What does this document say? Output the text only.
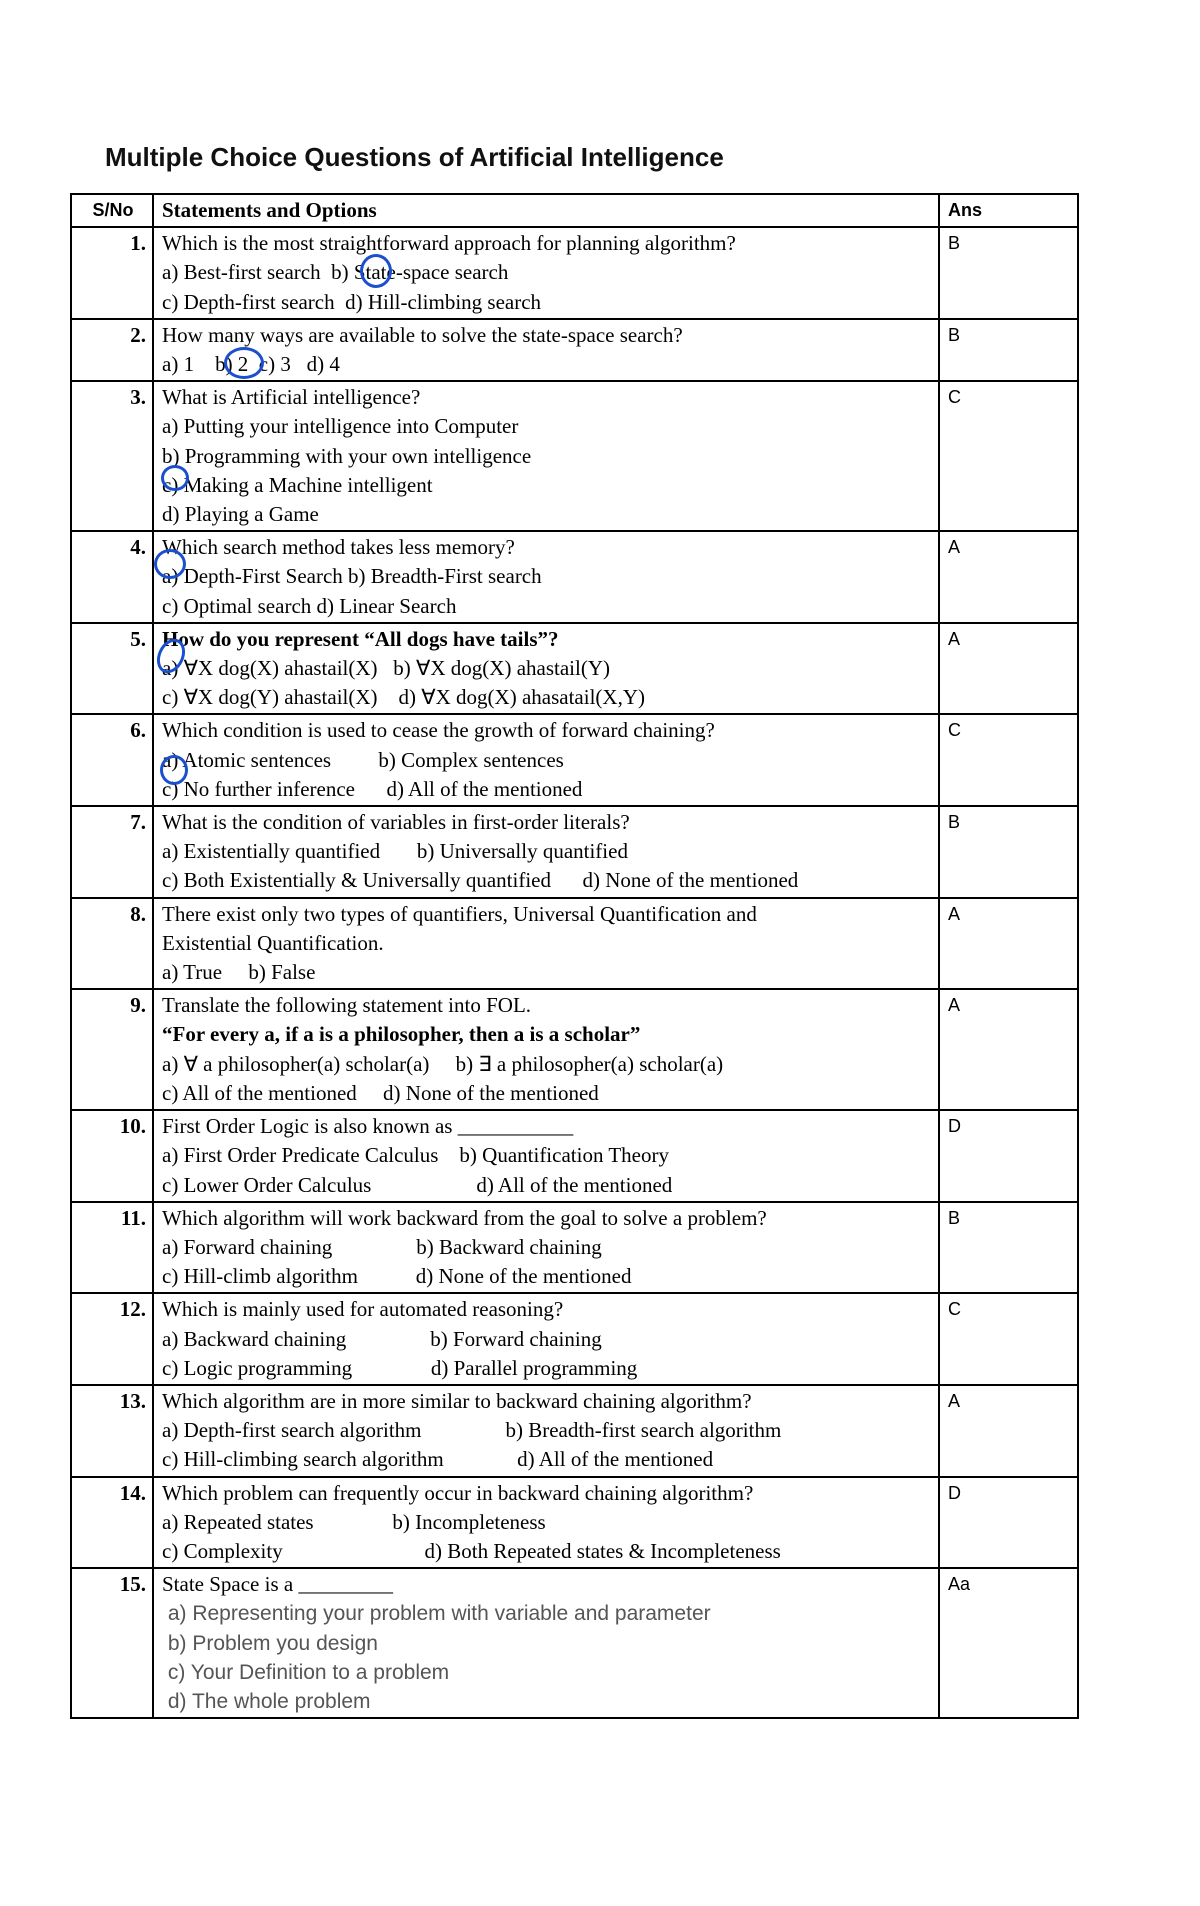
Multiple Choice Questions of Artificial Intelligence
S/No	Statements and Options	Ans
1.	Which is the most straightforward approach for planning algorithm?
a) Best-first search  b) State-space search
c) Depth-first search  d) Hill-climbing search	B
2.	How many ways are available to solve the state-space search?
a) 1    b) 2  c) 3   d) 4	B
3.	What is Artificial intelligence?
a) Putting your intelligence into Computer
b) Programming with your own intelligence
c) Making a Machine intelligent
d) Playing a Game	C
4.	Which search method takes less memory?
a) Depth-First Search b) Breadth-First search
c) Optimal search d) Linear Search	A
5.	How do you represent “All dogs have tails”?
a) ∀X dog(X) ahastail(X)   b) ∀X dog(X) ahastail(Y)
c) ∀X dog(Y) ahastail(X)    d) ∀X dog(X) ahasatail(X,Y)	A
6.	Which condition is used to cease the growth of forward chaining?
a) Atomic sentences         b) Complex sentences
c) No further inference      d) All of the mentioned	C
7.	What is the condition of variables in first-order literals?
a) Existentially quantified       b) Universally quantified
c) Both Existentially & Universally quantified      d) None of the mentioned	B
8.	There exist only two types of quantifiers, Universal Quantification and
Existential Quantification.
a) True     b) False	A
9.	Translate the following statement into FOL.
“For every a, if a is a philosopher, then a is a scholar”
a) ∀ a philosopher(a) scholar(a)     b) ∃ a philosopher(a) scholar(a)
c) All of the mentioned     d) None of the mentioned	A
10.	First Order Logic is also known as ___________
a) First Order Predicate Calculus    b) Quantification Theory
c) Lower Order Calculus                    d) All of the mentioned	D
11.	Which algorithm will work backward from the goal to solve a problem?
a) Forward chaining                b) Backward chaining
c) Hill-climb algorithm           d) None of the mentioned	B
12.	Which is mainly used for automated reasoning?
a) Backward chaining                b) Forward chaining
c) Logic programming               d) Parallel programming	C
13.	Which algorithm are in more similar to backward chaining algorithm?
a) Depth-first search algorithm                b) Breadth-first search algorithm
c) Hill-climbing search algorithm              d) All of the mentioned	A
14.	Which problem can frequently occur in backward chaining algorithm?
a) Repeated states               b) Incompleteness
c) Complexity                           d) Both Repeated states & Incompleteness	D
15.	State Space is a _________
a) Representing your problem with variable and parameter
b) Problem you design
c) Your Definition to a problem
d) The whole problem	Aa
